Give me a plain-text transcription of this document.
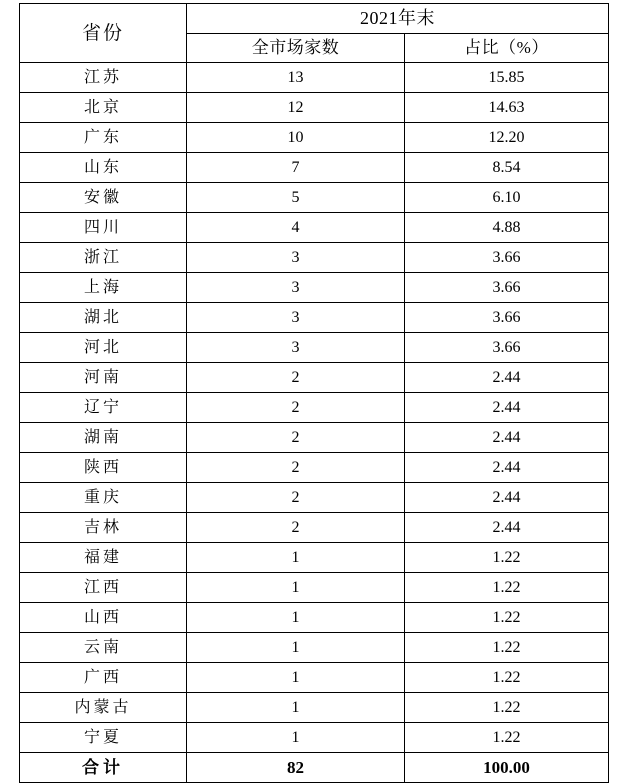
省份	2021年末	
	全市场家数	占比（%）
江苏	13	15.85
北京	12	14.63
广东	10	12.20
山东	7	8.54
安徽	5	6.10
四川	4	4.88
浙江	3	3.66
上海	3	3.66
湖北	3	3.66
河北	3	3.66
河南	2	2.44
辽宁	2	2.44
湖南	2	2.44
陕西	2	2.44
重庆	2	2.44
吉林	2	2.44
福建	1	1.22
江西	1	1.22
山西	1	1.22
云南	1	1.22
广西	1	1.22
内蒙古	1	1.22
宁夏	1	1.22
合计	82	100.00
